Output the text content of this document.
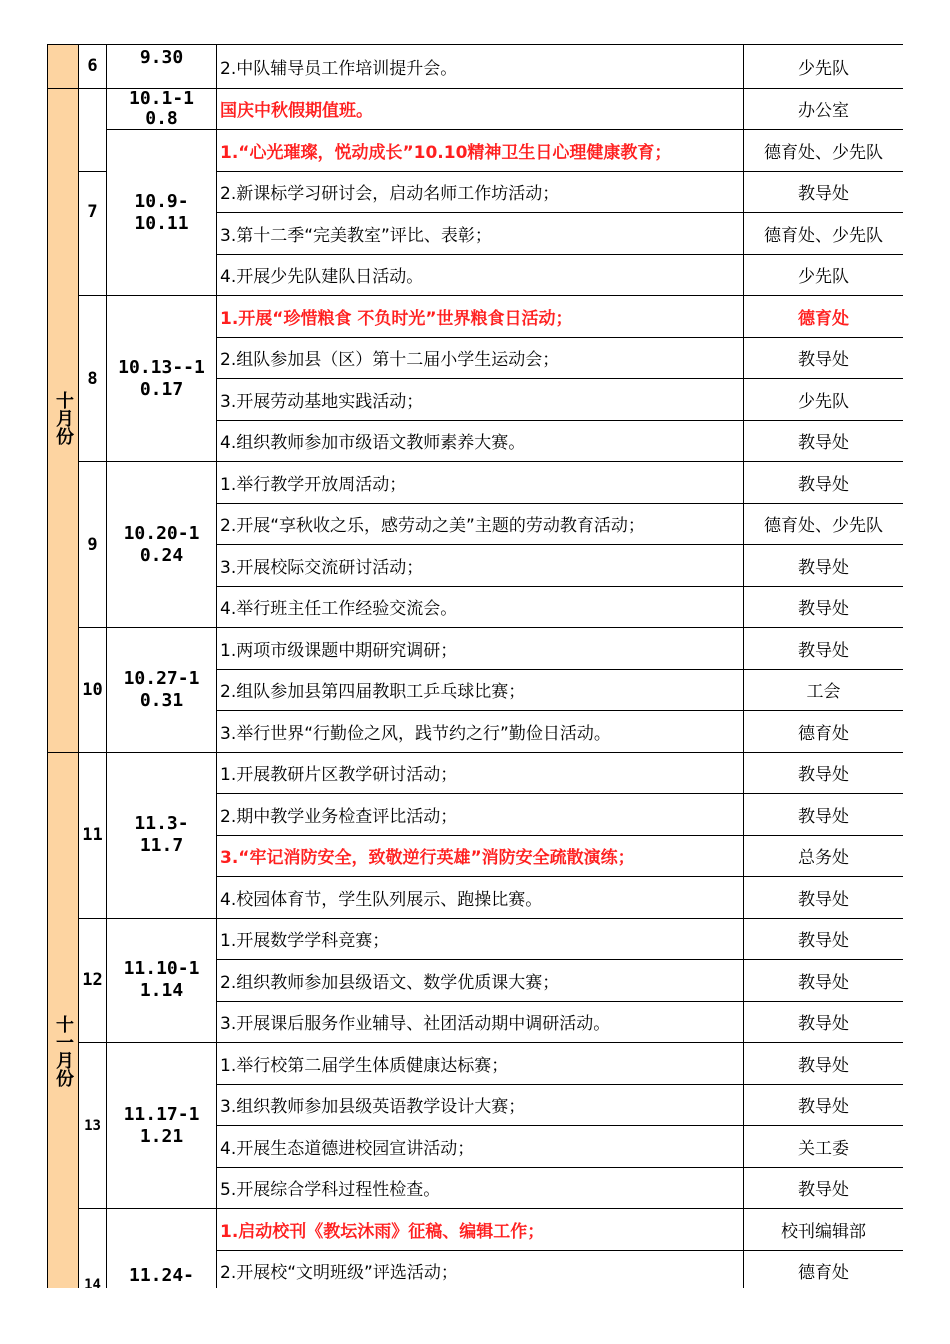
	6	9.30	2.中队辅导员工作培训提升会。	少先队
十月份		10.1-10.8	国庆中秋假期值班。	办公室
		10.9-10.11	1.“心光璀璨，悦动成长”10.10精神卫生日心理健康教育；	德育处、少先队
	7		2.新课标学习研讨会，启动名师工作坊活动；	教导处
			3.第十二季“完美教室”评比、表彰；	德育处、少先队
			4.开展少先队建队日活动。	少先队
	8	10.13--10.17	1.开展“珍惜粮食 不负时光”世界粮食日活动；	德育处
			2.组队参加县（区）第十二届小学生运动会；	教导处
			3.开展劳动基地实践活动；	少先队
			4.组织教师参加市级语文教师素养大赛。	教导处
	9	10.20-10.24	1.举行教学开放周活动；	教导处
			2.开展“享秋收之乐，感劳动之美”主题的劳动教育活动；	德育处、少先队
			3.开展校际交流研讨活动；	教导处
			4.举行班主任工作经验交流会。	教导处
	10	10.27-10.31	1.两项市级课题中期研究调研；	教导处
			2.组队参加县第四届教职工乒乓球比赛；	工会
			3.举行世界“行勤俭之风，践节约之行”勤俭日活动。	德育处
十一月份	11	11.3-11.7	1.开展教研片区教学研讨活动；	教导处
			2.期中教学业务检查评比活动；	教导处
			3.“牢记消防安全，致敬逆行英雄”消防安全疏散演练；	总务处
			4.校园体育节，学生队列展示、跑操比赛。	教导处
	12	11.10-11.14	1.开展数学学科竞赛；	教导处
			2.组织教师参加县级语文、数学优质课大赛；	教导处
			3.开展课后服务作业辅导、社团活动期中调研活动。	教导处
	13	11.17-11.21	1.举行校第二届学生体质健康达标赛；	教导处
			3.组织教师参加县级英语教学设计大赛；	教导处
			4.开展生态道德进校园宣讲活动；	关工委
			5.开展综合学科过程性检查。	教导处
	14	11.24-	1.启动校刊《教坛沐雨》征稿、编辑工作；	校刊编辑部
			2.开展校“文明班级”评选活动；	德育处
